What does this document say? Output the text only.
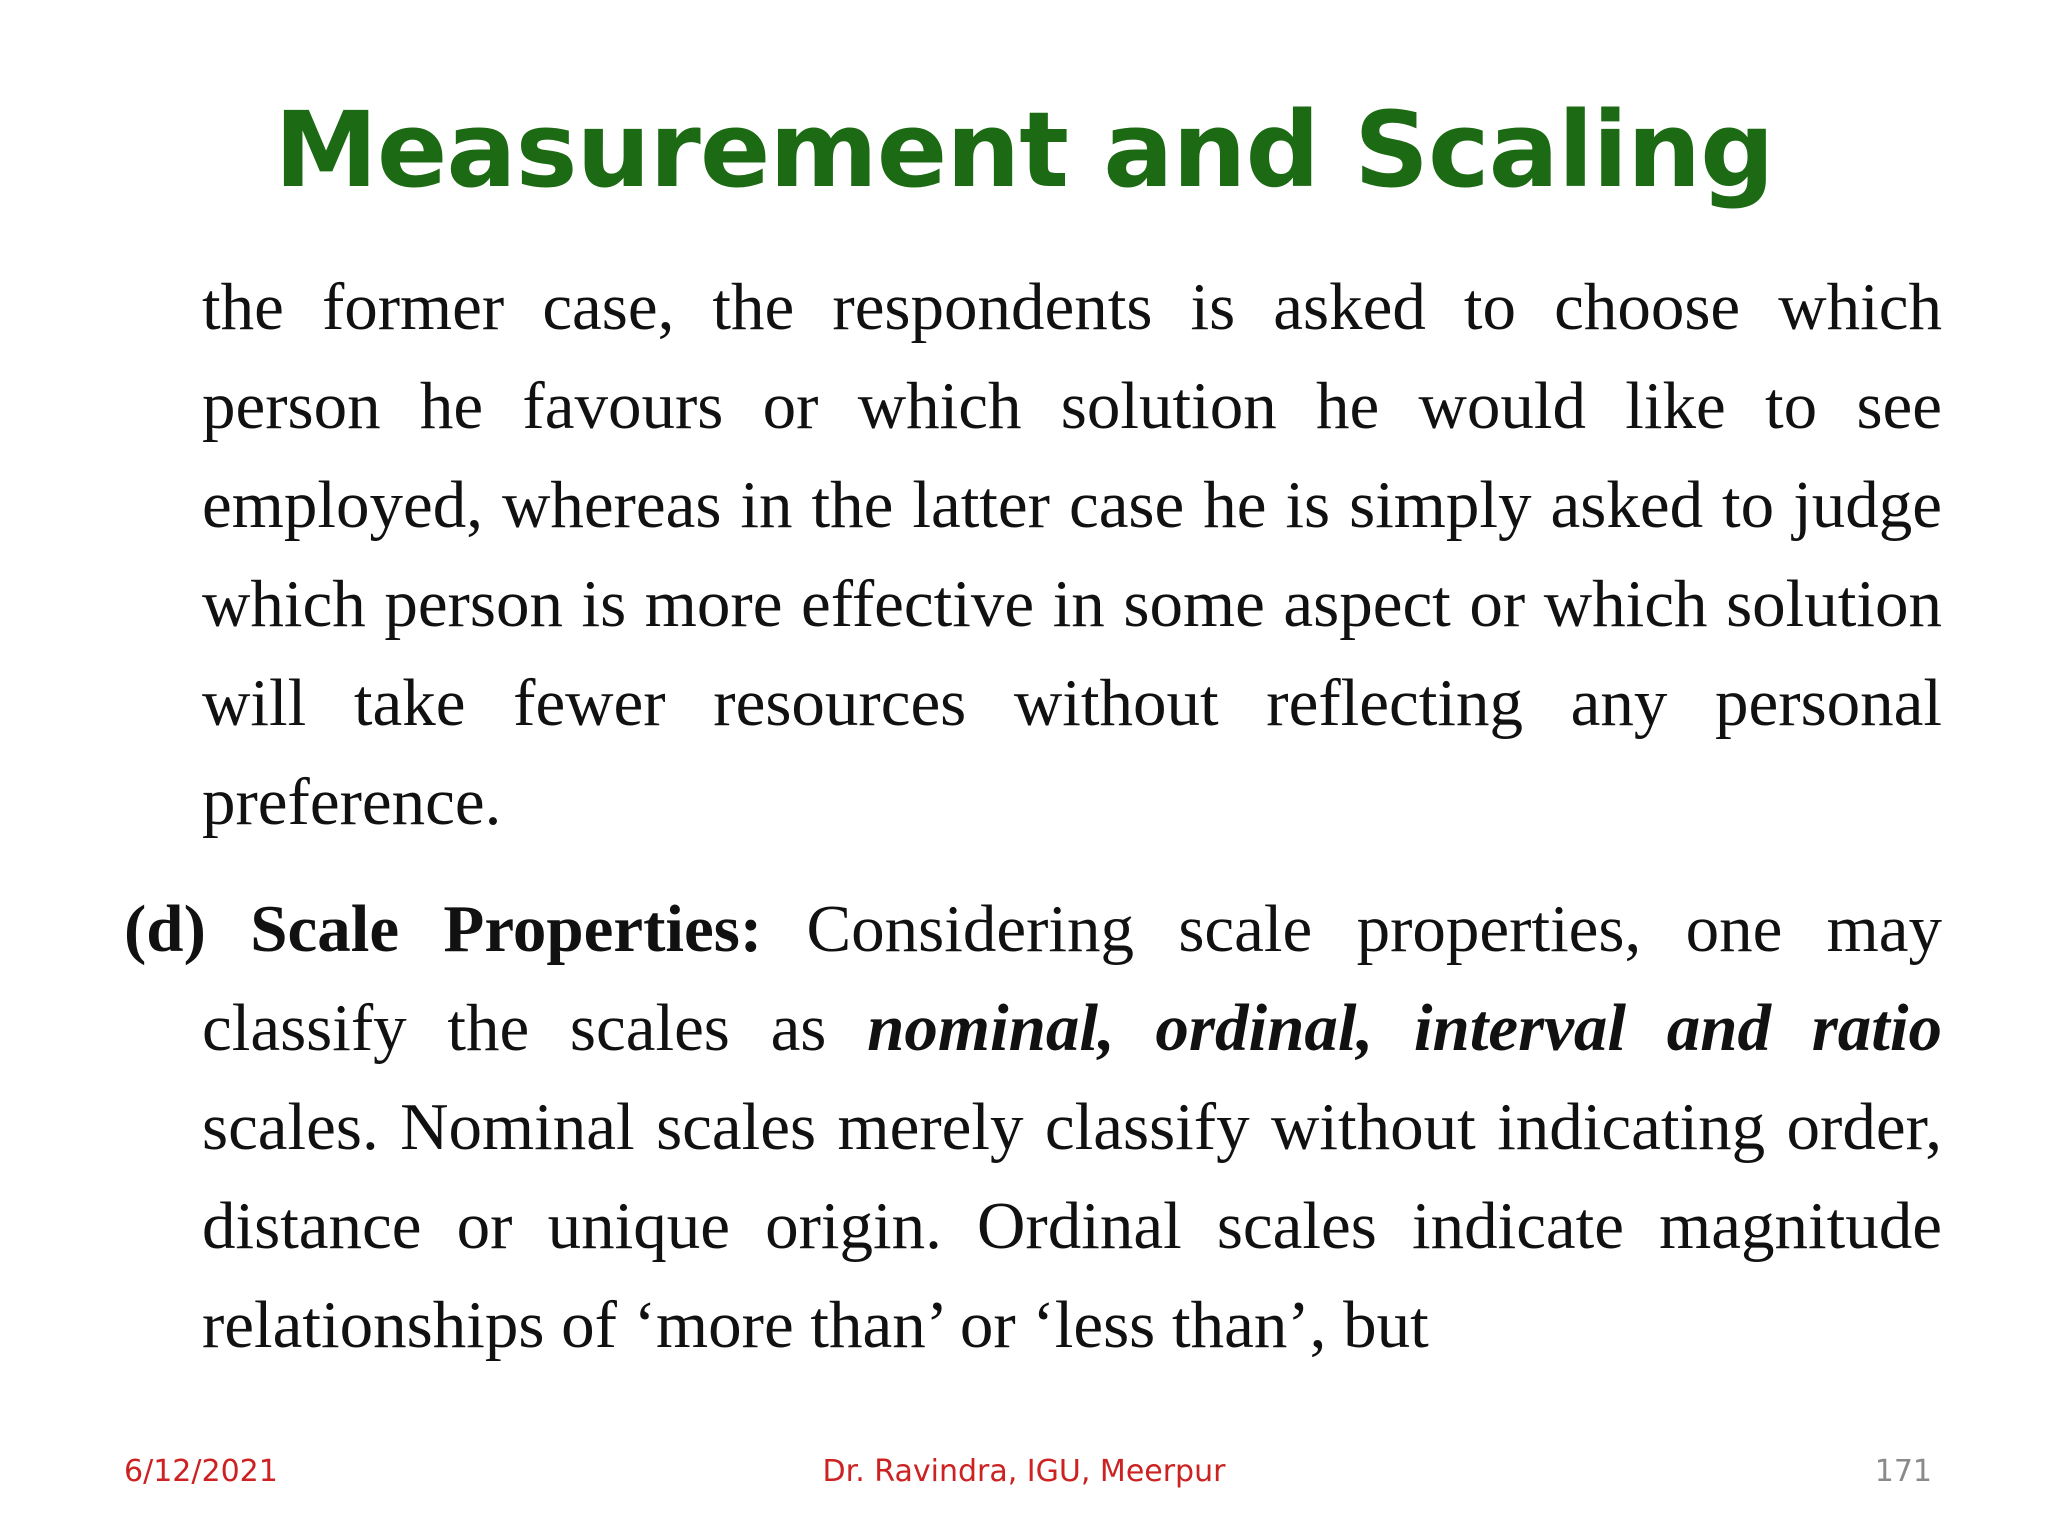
Measurement and Scaling

the former case, the respondents is asked to choose which person he favours or which solution he would like to see employed, whereas in the latter case he is simply asked to judge which person is more effective in some aspect or which solution will take fewer resources without reflecting any personal preference.

(d) Scale Properties: Considering scale properties, one may classify the scales as nominal, ordinal, interval and ratio scales. Nominal scales merely classify without indicating order, distance or unique origin. Ordinal scales indicate magnitude relationships of ‘more than’ or ‘less than’, but

6/12/2021	Dr. Ravindra, IGU, Meerpur	171
